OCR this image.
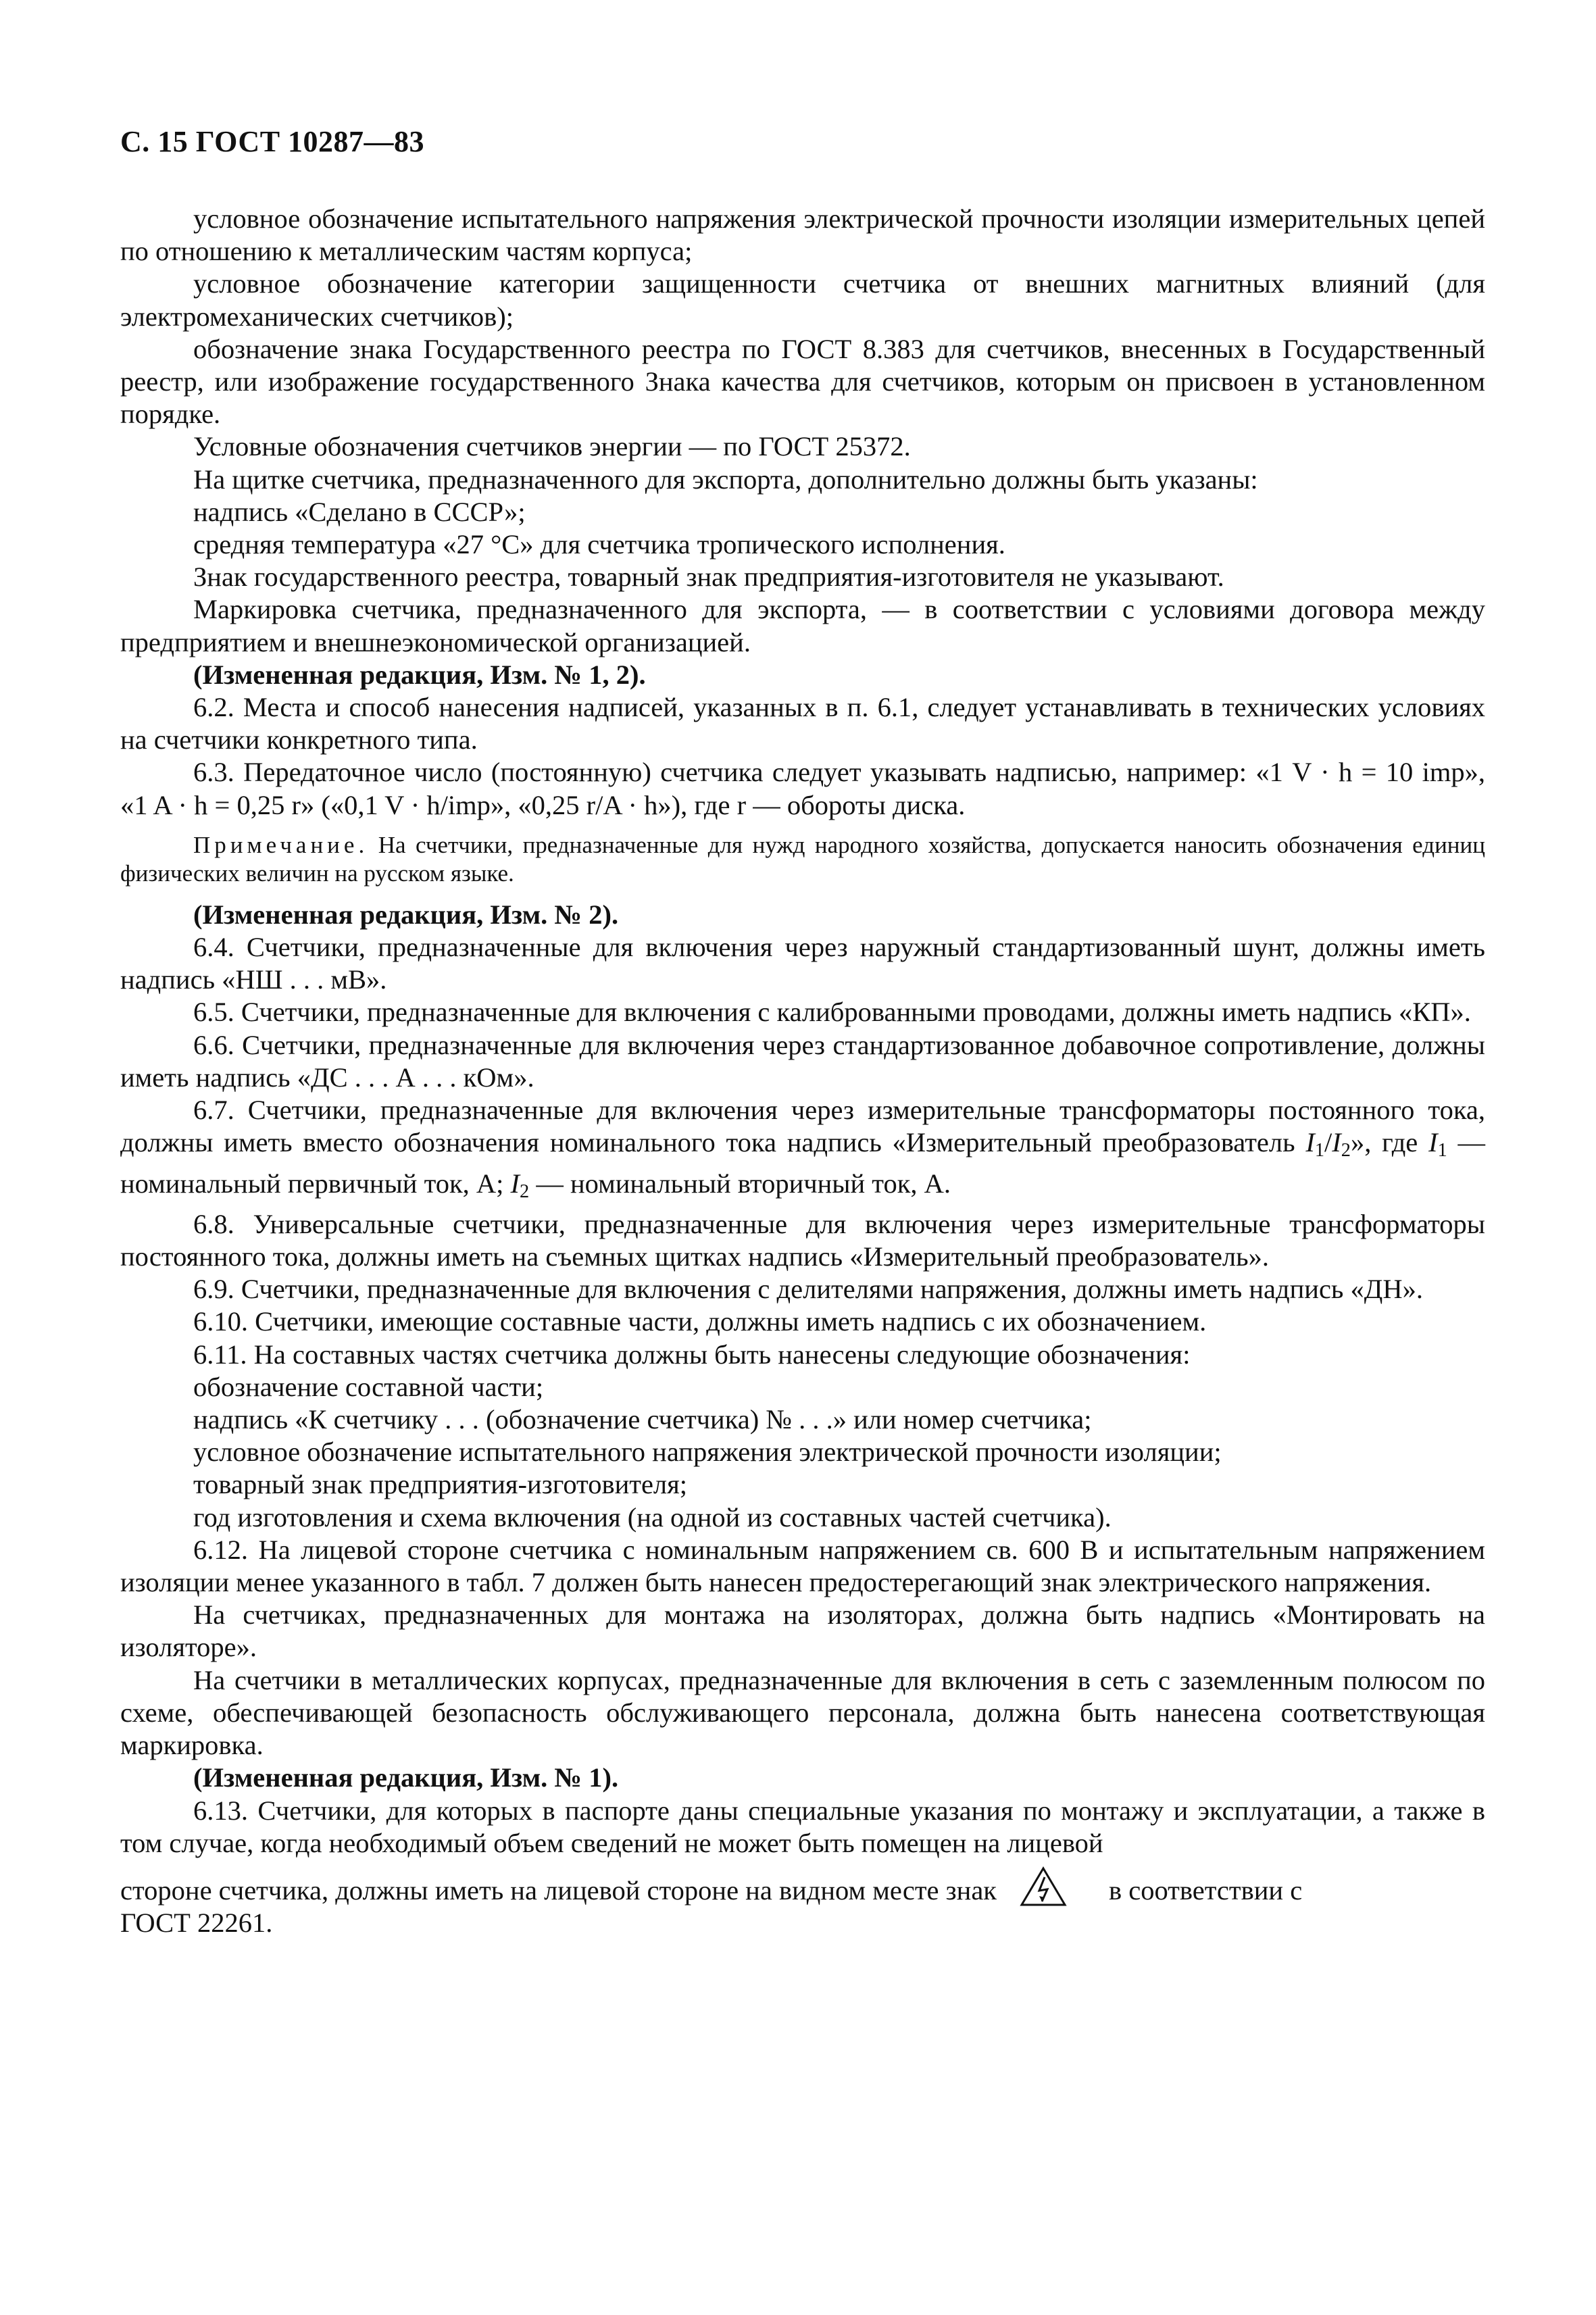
С. 15 ГОСТ 10287—83

условное обозначение испытательного напряжения электрической прочности изоляции измерительных цепей по отношению к металлическим частям корпуса;

условное обозначение категории защищенности счетчика от внешних магнитных влияний (для электромеханических счетчиков);

обозначение знака Государственного реестра по ГОСТ 8.383 для счетчиков, внесенных в Государственный реестр, или изображение государственного Знака качества для счетчиков, которым он присвоен в установленном порядке.

Условные обозначения счетчиков энергии — по ГОСТ 25372.

На щитке счетчика, предназначенного для экспорта, дополнительно должны быть указаны:

надпись «Сделано в СССР»;

средняя температура «27 °С» для счетчика тропического исполнения.

Знак государственного реестра, товарный знак предприятия-изготовителя не указывают.

Маркировка счетчика, предназначенного для экспорта, — в соответствии с условиями договора между предприятием и внешнеэкономической организацией.

(Измененная редакция, Изм. № 1, 2).

6.2. Места и способ нанесения надписей, указанных в п. 6.1, следует устанавливать в технических условиях на счетчики конкретного типа.

6.3. Передаточное число (постоянную) счетчика следует указывать надписью, например: «1 V · h = 10 imp», «1 A · h = 0,25 r» («0,1 V · h/imp», «0,25 r/A · h»), где r — обороты диска.

Примечание. На счетчики, предназначенные для нужд народного хозяйства, допускается наносить обозначения единиц физических величин на русском языке.

(Измененная редакция, Изм. № 2).

6.4. Счетчики, предназначенные для включения через наружный стандартизованный шунт, должны иметь надпись «НШ . . . мВ».

6.5. Счетчики, предназначенные для включения с калиброванными проводами, должны иметь надпись «КП».

6.6. Счетчики, предназначенные для включения через стандартизованное добавочное сопротивление, должны иметь надпись «ДС . . . А . . . кОм».

6.7. Счетчики, предназначенные для включения через измерительные трансформаторы постоянного тока, должны иметь вместо обозначения номинального тока надпись «Измерительный преобразователь $I_1/I_2$», где $I_1$ — номинальный первичный ток, А; $I_2$ — номинальный вторичный ток, А.

6.8. Универсальные счетчики, предназначенные для включения через измерительные трансформаторы постоянного тока, должны иметь на съемных щитках надпись «Измерительный преобразователь».

6.9. Счетчики, предназначенные для включения с делителями напряжения, должны иметь надпись «ДН».

6.10. Счетчики, имеющие составные части, должны иметь надпись с их обозначением.

6.11. На составных частях счетчика должны быть нанесены следующие обозначения:

обозначение составной части;

надпись «К счетчику . . . (обозначение счетчика) № . . .» или номер счетчика;

условное обозначение испытательного напряжения электрической прочности изоляции;

товарный знак предприятия-изготовителя;

год изготовления и схема включения (на одной из составных частей счетчика).

6.12. На лицевой стороне счетчика с номинальным напряжением св. 600 В и испытательным напряжением изоляции менее указанного в табл. 7 должен быть нанесен предостерегающий знак электрического напряжения.

На счетчиках, предназначенных для монтажа на изоляторах, должна быть надпись «Монтировать на изоляторе».

На счетчики в металлических корпусах, предназначенные для включения в сеть с заземленным полюсом по схеме, обеспечивающей безопасность обслуживающего персонала, должна быть нанесена соответствующая маркировка.

(Измененная редакция, Изм. № 1).

6.13. Счетчики, для которых в паспорте даны специальные указания по монтажу и эксплуатации, а также в том случае, когда необходимый объем сведений не может быть помещен на лицевой

стороне счетчика, должны иметь на лицевой стороне на видном месте знак	в соответствии с

ГОСТ 22261.
